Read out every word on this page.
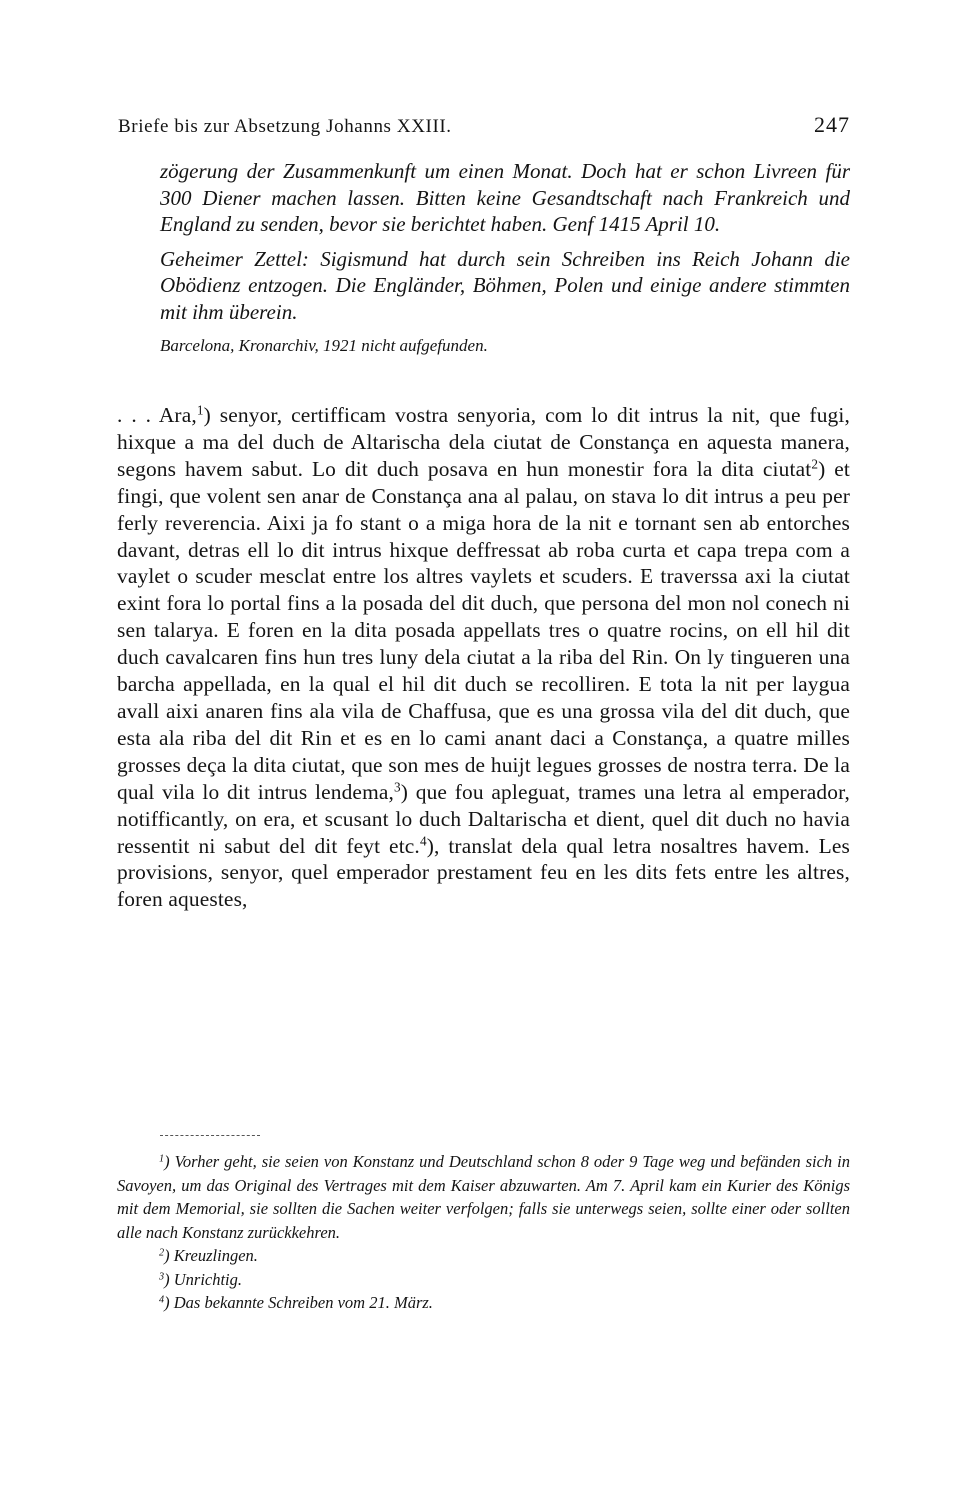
Briefe bis zur Absetzung Johanns XXIII.	247

zögerung der Zusammenkunft um einen Monat. Doch hat er schon Livreen für 300 Diener machen lassen. Bitten keine Gesandtschaft nach Frankreich und England zu senden, bevor sie berichtet haben. Genf 1415 April 10.

Geheimer Zettel: Sigismund hat durch sein Schreiben ins Reich Johann die Obödienz entzogen. Die Engländer, Böhmen, Polen und einige andere stimmten mit ihm überein.

Barcelona, Kronarchiv, 1921 nicht aufgefunden.

. . . Ara,$^1$) senyor, certifficam vostra senyoria, com lo dit intrus la nit, que fugi, hixque a ma del duch de Altarischa dela ciutat de Constança en aquesta manera, segons havem sabut. Lo dit duch posava en hun monestir fora la dita ciutat$^2$) et fingi, que volent sen anar de Constança ana al palau, on stava lo dit intrus a peu per ferly reverencia. Aixi ja fo stant o a miga hora de la nit e tornant sen ab entorches davant, detras ell lo dit intrus hixque deffressat ab roba curta et capa trepa com a vaylet o scuder mesclat entre los altres vaylets et scuders. E traverssa axi la ciutat exint fora lo portal fins a la posada del dit duch, que persona del mon nol conech ni sen talarya. E foren en la dita posada appellats tres o quatre rocins, on ell hil dit duch cavalcaren fins hun tres luny dela ciutat a la riba del Rin. On ly tingueren una barcha appellada, en la qual el hil dit duch se recolliren. E tota la nit per laygua avall aixi anaren fins ala vila de Chaffusa, que es una grossa vila del dit duch, que esta ala riba del dit Rin et es en lo cami anant daci a Constança, a quatre milles grosses deça la dita ciutat, que son mes de huijt legues grosses de nostra terra. De la qual vila lo dit intrus lendema,$^3$) que fou apleguat, trames una letra al emperador, notifficantly, on era, et scusant lo duch Daltarischa et dient, quel dit duch no havia ressentit ni sabut del dit feyt etc.$^4$), translat dela qual letra nosaltres havem. Les provisions, senyor, quel emperador prestament feu en les dits fets entre les altres, foren aquestes,

$^1$) Vorher geht, sie seien von Konstanz und Deutschland schon 8 oder 9 Tage weg und befänden sich in Savoyen, um das Original des Vertrages mit dem Kaiser abzuwarten. Am 7. April kam ein Kurier des Königs mit dem Memorial, sie sollten die Sachen weiter verfolgen; falls sie unterwegs seien, sollte einer oder sollten alle nach Konstanz zurückkehren.

$^2$) Kreuzlingen.

$^3$) Unrichtig.

$^4$) Das bekannte Schreiben vom 21. März.
